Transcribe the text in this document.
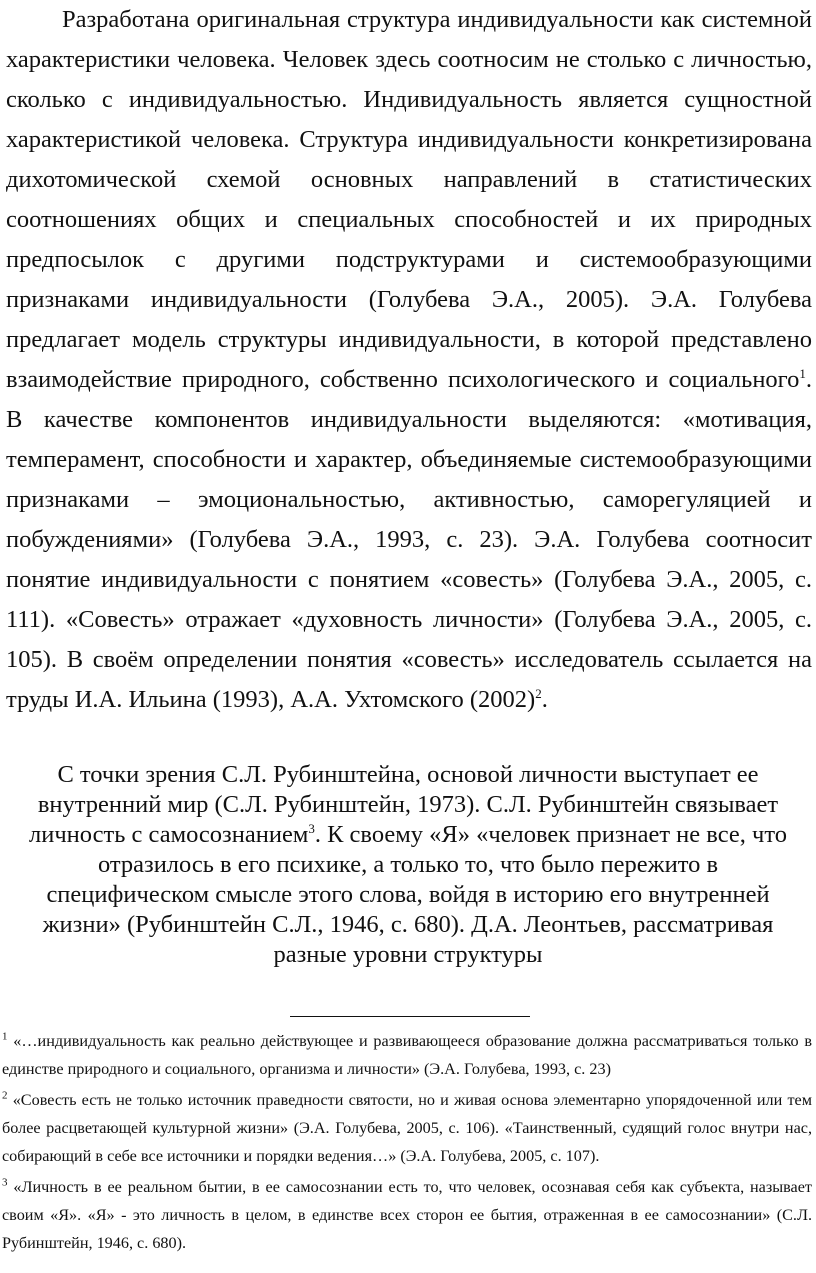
Разработана оригинальная структура индивидуальности как системной характеристики человека. Человек здесь соотносим не столько с личностью, сколько с индивидуальностью. Индивидуальность является сущностной характеристикой человека. Структура индивидуальности конкретизирована дихотомической схемой основных направлений в статистических соотношениях общих и специальных способностей и их природных предпосылок с другими подструктурами и системообразующими признаками индивидуальности (Голубева Э.А., 2005). Э.А. Голубева предлагает модель структуры индивидуальности, в которой представлено взаимодействие природного, собственно психологического и социального$^1$. В качестве компонентов индивидуальности выделяются: «мотивация, темперамент, способности и характер, объединяемые системообразующими признаками – эмоциональностью, активностью, саморегуляцией и побуждениями» (Голубева Э.А., 1993, с. 23). Э.А. Голубева соотносит понятие индивидуальности с понятием «совесть» (Голубева Э.А., 2005, с. 111). «Совесть» отражает «духовность личности» (Голубева Э.А., 2005, с. 105). В своём определении понятия «совесть» исследователь ссылается на труды И.А. Ильина (1993), А.А. Ухтомского $(2002)^2$.

С точки зрения С.Л. Рубинштейна, основой личности выступает ее внутренний мир (С.Л. Рубинштейн, 1973). С.Л. Рубинштейн связывает личность с самосознанием$^3$. К своему «Я» «человек признает не все, что отразилось в его психике, а только то, что было пережито в специфическом смысле этого слова, войдя в историю его внутренней жизни» (Рубинштейн С.Л., 1946, с. 680). Д.А. Леонтьев, рассматривая разные уровни структуры

$^1$ «…индивидуальность как реально действующее и развивающееся образование должна рассматриваться только в единстве природного и социального, организма и личности» (Э.А. Голубева, 1993, с. 23)

$^2$ «Совесть есть не только источник праведности святости, но и живая основа элементарно упорядоченной или тем более расцветающей культурной жизни» (Э.А. Голубева, 2005, с. 106). «Таинственный, судящий голос внутри нас, собирающий в себе все источники и порядки ведения…» (Э.А. Голубева, 2005, с. 107).

$^3$ «Личность в ее реальном бытии, в ее самосознании есть то, что человек, осознавая себя как субъекта, называет своим «Я». «Я» - это личность в целом, в единстве всех сторон ее бытия, отраженная в ее самосознании» (С.Л. Рубинштейн, 1946, с. 680).
